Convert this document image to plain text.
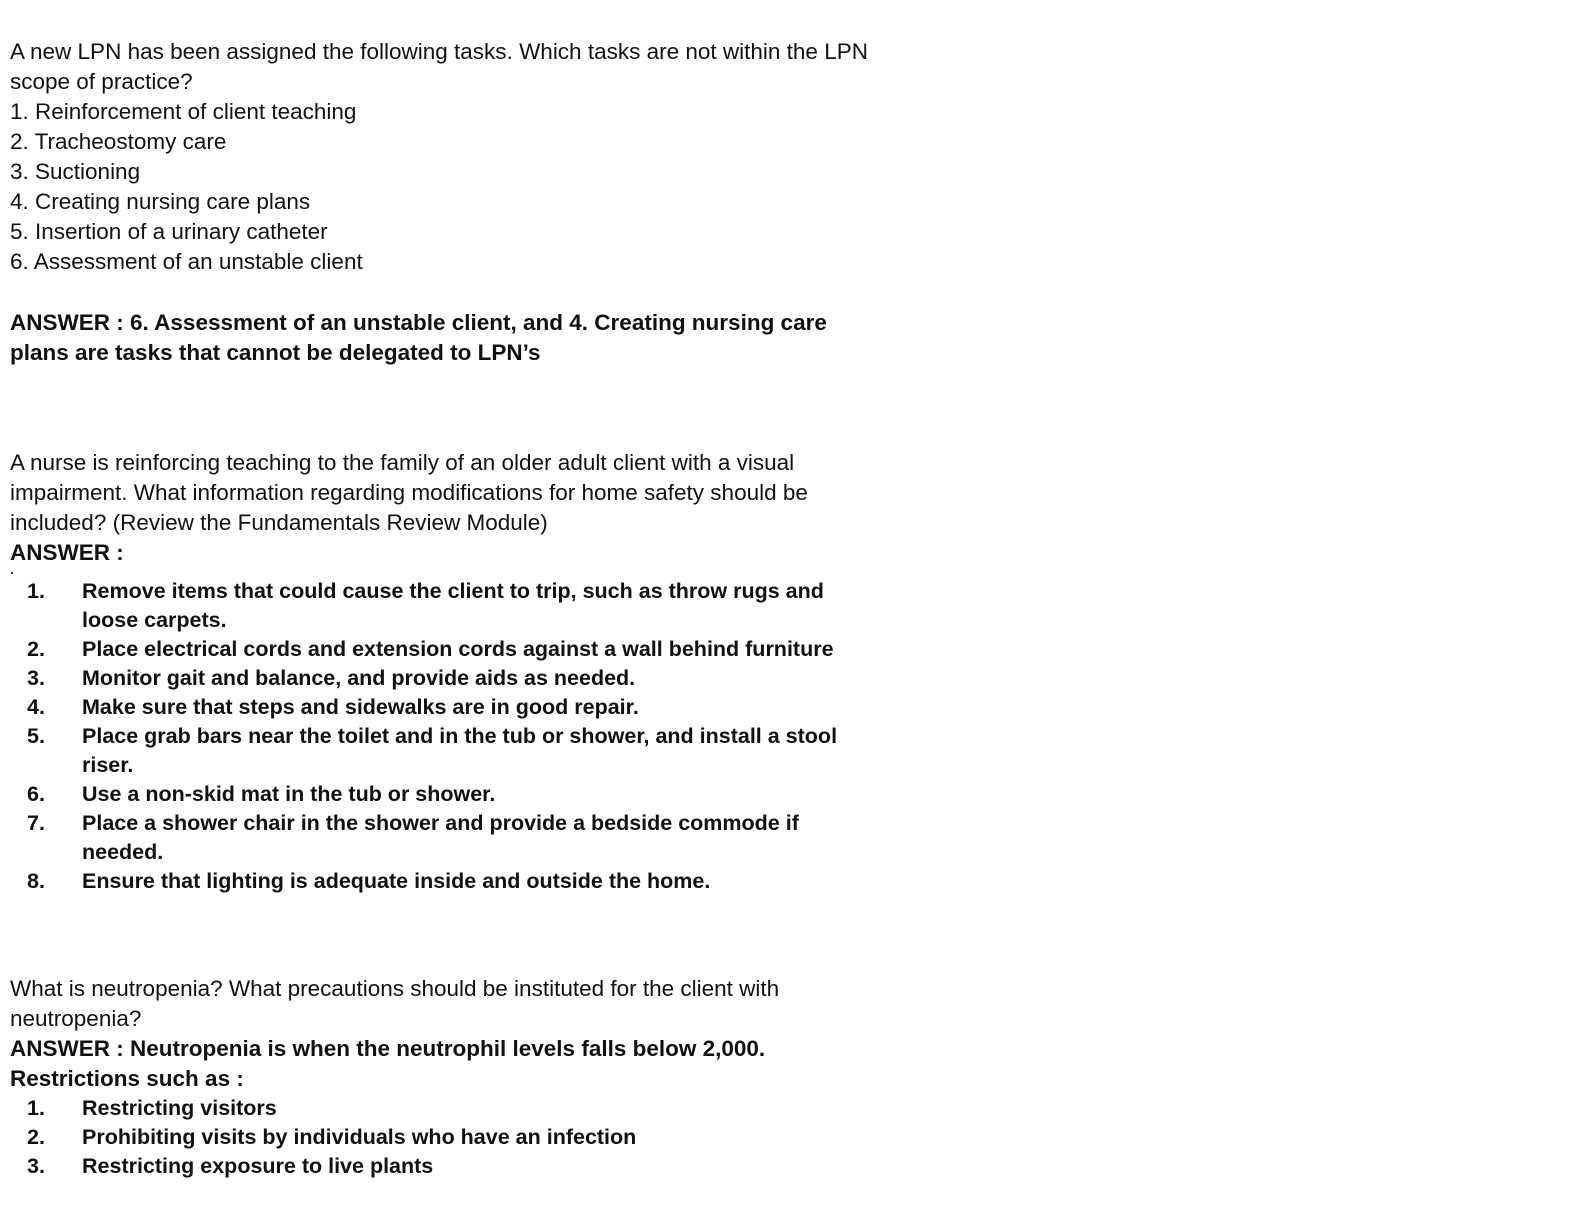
A new LPN has been assigned the following tasks. Which tasks are not within the LPN
scope of practice?
1. Reinforcement of client teaching
2. Tracheostomy care
3. Suctioning
4. Creating nursing care plans
5. Insertion of a urinary catheter
6. Assessment of an unstable client
ANSWER : 6. Assessment of an unstable client, and 4. Creating nursing care
plans are tasks that cannot be delegated to LPN’s
A nurse is reinforcing teaching to the family of an older adult client with a visual
impairment. What information regarding modifications for home safety should be
included? (Review the Fundamentals Review Module)
ANSWER :
1. Remove items that could cause the client to trip, such as throw rugs and
loose carpets.
2. Place electrical cords and extension cords against a wall behind furniture
3. Monitor gait and balance, and provide aids as needed.
4. Make sure that steps and sidewalks are in good repair.
5. Place grab bars near the toilet and in the tub or shower, and install a stool
riser.
6. Use a non-skid mat in the tub or shower.
7. Place a shower chair in the shower and provide a bedside commode if
needed.
8. Ensure that lighting is adequate inside and outside the home.
What is neutropenia? What precautions should be instituted for the client with
neutropenia?
ANSWER : Neutropenia is when the neutrophil levels falls below 2,000.
Restrictions such as :
1. Restricting visitors
2. Prohibiting visits by individuals who have an infection
3. Restricting exposure to live plants
